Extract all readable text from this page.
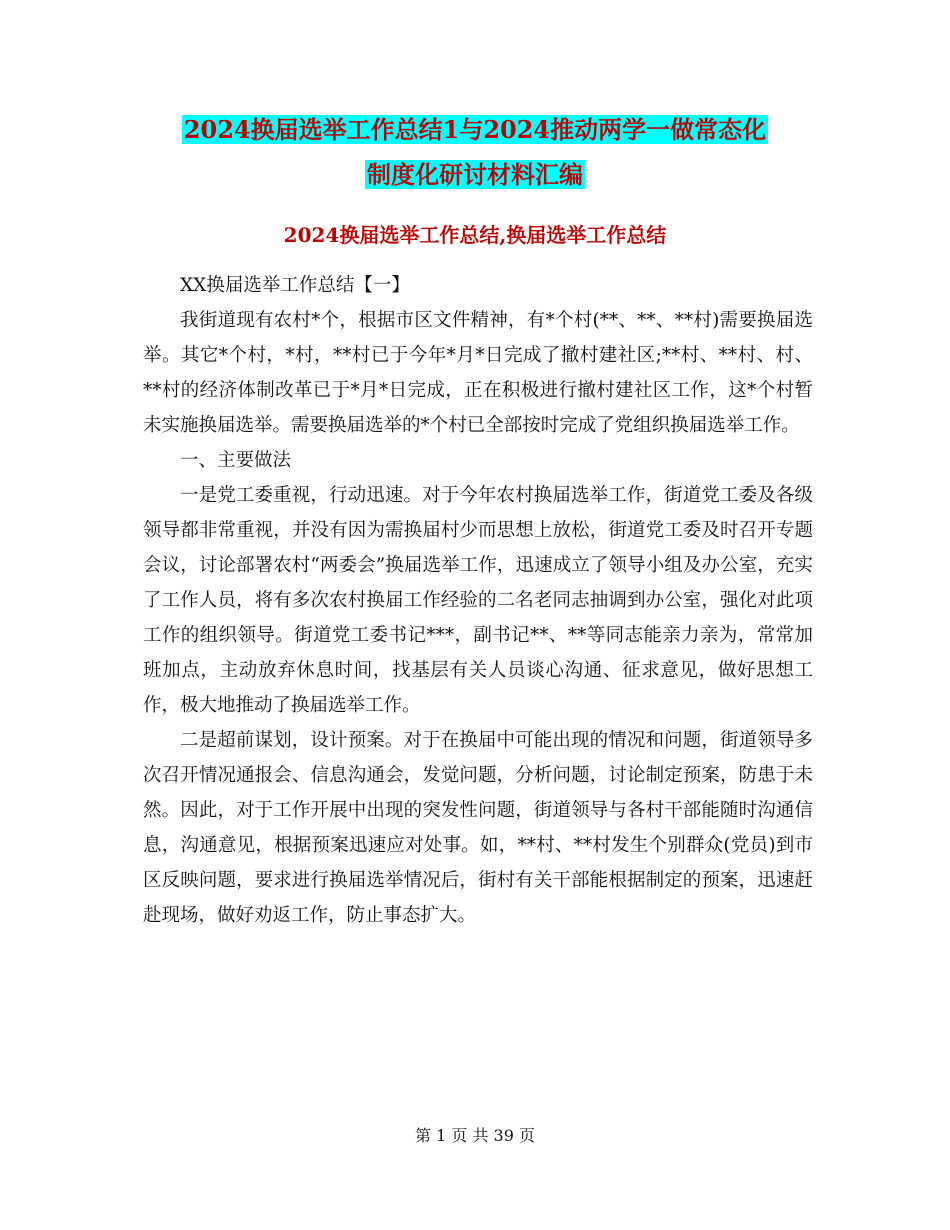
2024换届选举工作总结1与2024推动两学一做常态化
制度化研讨材料汇编
2024换届选举工作总结,换届选举工作总结

XX换届选举工作总结【一】

我街道现有农村*个，根据市区文件精神，有*个村(**、**、**村)需要换届选举。其它*个村，*村，**村已于今年*月*日完成了撤村建社区;**村、**村、村、**村的经济体制改革已于*月*日完成，正在积极进行撤村建社区工作，这*个村暂未实施换届选举。需要换届选举的*个村已全部按时完成了党组织换届选举工作。

一、主要做法

一是党工委重视，行动迅速。对于今年农村换届选举工作，街道党工委及各级领导都非常重视，并没有因为需换届村少而思想上放松，街道党工委及时召开专题会议，讨论部署农村“两委会”换届选举工作，迅速成立了领导小组及办公室，充实了工作人员，将有多次农村换届工作经验的二名老同志抽调到办公室，强化对此项工作的组织领导。街道党工委书记***，副书记**、**等同志能亲力亲为，常常加班加点，主动放弃休息时间，找基层有关人员谈心沟通、征求意见，做好思想工作，极大地推动了换届选举工作。

二是超前谋划，设计预案。对于在换届中可能出现的情况和问题，街道领导多次召开情况通报会、信息沟通会，发觉问题，分析问题，讨论制定预案，防患于未然。因此，对于工作开展中出现的突发性问题，街道领导与各村干部能随时沟通信息，沟通意见，根据预案迅速应对处事。如，**村、**村发生个别群众(党员)到市区反映问题，要求进行换届选举情况后，街村有关干部能根据制定的预案，迅速赶赴现场，做好劝返工作，防止事态扩大。

第 1 页 共 39 页
